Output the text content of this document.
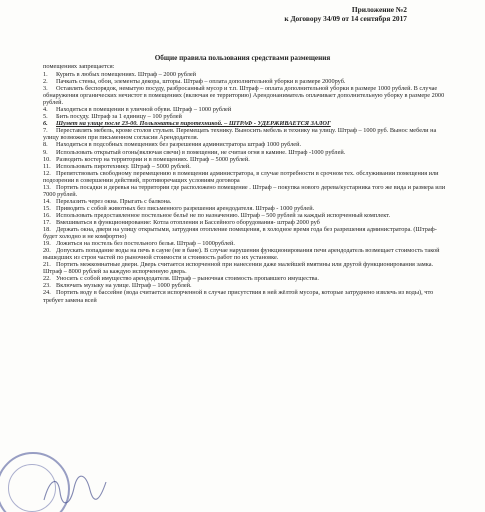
Приложение №2
к Договору 34/09 от 14 сентября 2017
Общие правила пользования средствами размещения
помещениях запрещается:

1. Курить в любых помещениях. Штраф – 2000 рублей

2. Пачкать стены, обои, элементы декора, шторы. Штраф – оплата дополнительной уборки в размере 2000руб.

3. Оставлять беспорядок, немытую посуду, разбросанный мусор и т.п. Штраф – оплата дополнительной уборки в размере 1000 рублей. В случае обнаружения органических нечистот в помещениях (включая ее территорию) Арендонаниматель оплачивает дополнительную уборку в размере 2000 рублей.

4. Находиться в помещении в уличной обуви. Штраф – 1000 рублей

5. Бить посуду. Штраф за 1 единицу – 100 рублей

6. Шумет на улице после 23-00. Пользоваться пиротехникой. – ШТРАФ - УДЕРЖИВАЕТСЯ ЗАЛОГ

7. Переставлять мебель, кроме столов стульев. Перемещать технику. Выносить мебель и технику на улицу. Штраф – 1000 руб. Вынос мебели на улицу возможен при письменном согласии Арендодателя.

8. Находиться в подсобных помещениях без разрешения администратора штраф 1000 рублей.

9. Использовать открытый огонь(включая свечи) в помещении, не считая огня в камине. Штраф -1000 рублей.

10. Разводить костер на территории и в помещениях. Штраф – 5000 рублей.

11. Использовать пиротехнику. Штраф – 5000 рублей.

12. Препятствовать свободному перемещению в помещении администратора, в случае потребности в срочном тех. обслуживании помещения или подозрении в совершении действий, противоречащих условиям договора

13. Портить посадки и деревья на территории где расположено помещение . Штраф – покупка нового дерева/кустарника того же вида и размера или 7000 рублей.

14. Перелазить через окна. Прыгать с балкона.

15. Приводить с собой животных без письменного разрешения арендодателя. Штраф - 1000 рублей.

16. Использовать предоставленное постельное бельё не по назначению. Штраф – 500 рублей за каждый испорченный комплект.

17. Вмешиваться в функционирование: Котла отопления и Бассейного оборудования- штраф 2000 руб

18. Держать окна, двери на улицу открытыми, затрудняя отопление помещения, в холодное время года без разрешения администратора. (Штраф- будет холодно и не комфортно)

19. Ложиться на постель без постельного белья. Штраф – 1000рублей.

20. Допускать попадание воды на печь в сауне (не в бане). В случае нарушения функционирования печи арендодатель возмещает стоимость такой вышедших из строя частей по рыночной стоимости и стоимость работ по их установке.

21. Портить межкомнатные двери. Дверь считается испорченной при нанесении даже малейшей вмятины или другой функционирования замка. Штраф – 8000 рублей за каждую испорченную дверь.

22. Уносить с собой имущество арендодателя. Штраф – рыночная стоимость пропавшего имущества.

23. Включать музыку на улице. Штраф – 1000 рублей.

24. Портить воду в бассейне (вода считается испорченной в случае присутствия в ней жёлтой мусора, которые затруднено извлечь из воды), что требует замена всей
